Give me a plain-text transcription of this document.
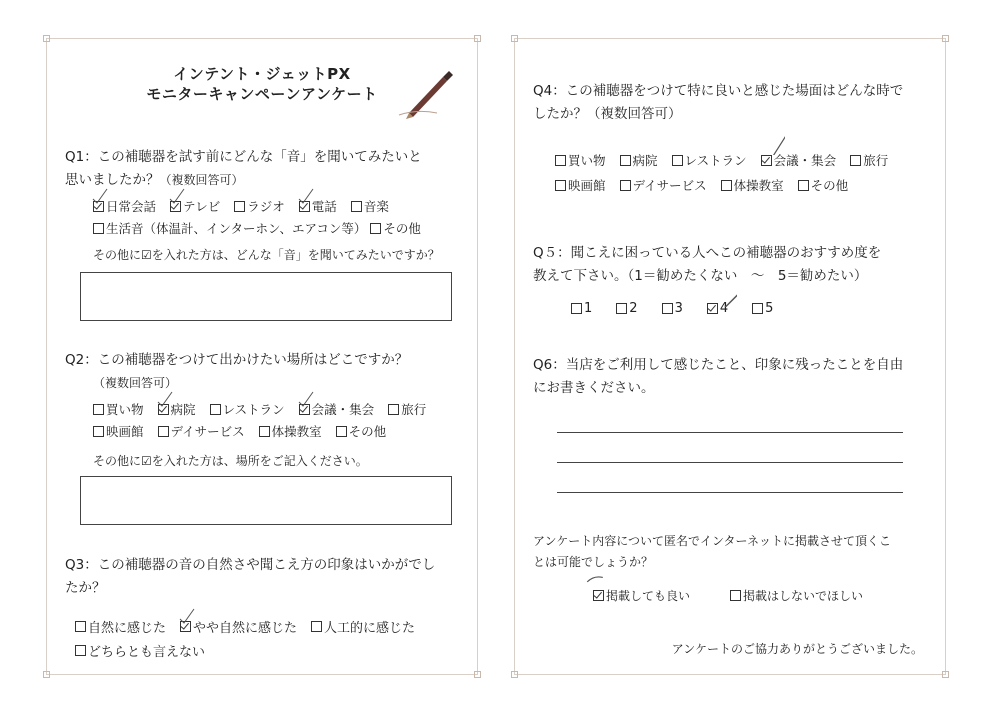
インテント・ジェットPX
モニターキャンペーンアンケート
Q1：この補聴器を試す前にどんな「音」を聞いてみたいと
思いましたか？（複数回答可）
日常会話 テレビ ラジオ 電話 音楽
生活音（体温計、インターホン、エアコン等） その他
その他に☑を入れた方は、どんな「音」を聞いてみたいですか？
Q2：この補聴器をつけて出かけたい場所はどこですか？
（複数回答可）
買い物 病院 レストラン 会議・集会 旅行
映画館 デイサービス 体操教室 その他
その他に☑を入れた方は、場所をご記入ください。
Q3：この補聴器の音の自然さや聞こえ方の印象はいかがでし
たか？
自然に感じた やや自然に感じた 人工的に感じた
どちらとも言えない
Q4：この補聴器をつけて特に良いと感じた場面はどんな時で
したか？（複数回答可）
買い物 病院 レストラン 会議・集会 旅行
映画館 デイサービス 体操教室 その他
Q５：聞こえに困っている人へこの補聴器のおすすめ度を
教えて下さい。（1＝勧めたくない　～　5＝勧めたい）
1	2	3	4	5
Q6：当店をご利用して感じたこと、印象に残ったことを自由
にお書きください。
アンケート内容について匿名でインターネットに掲載させて頂くこ
とは可能でしょうか？
掲載しても良い	掲載はしないでほしい
アンケートのご協力ありがとうございました。
